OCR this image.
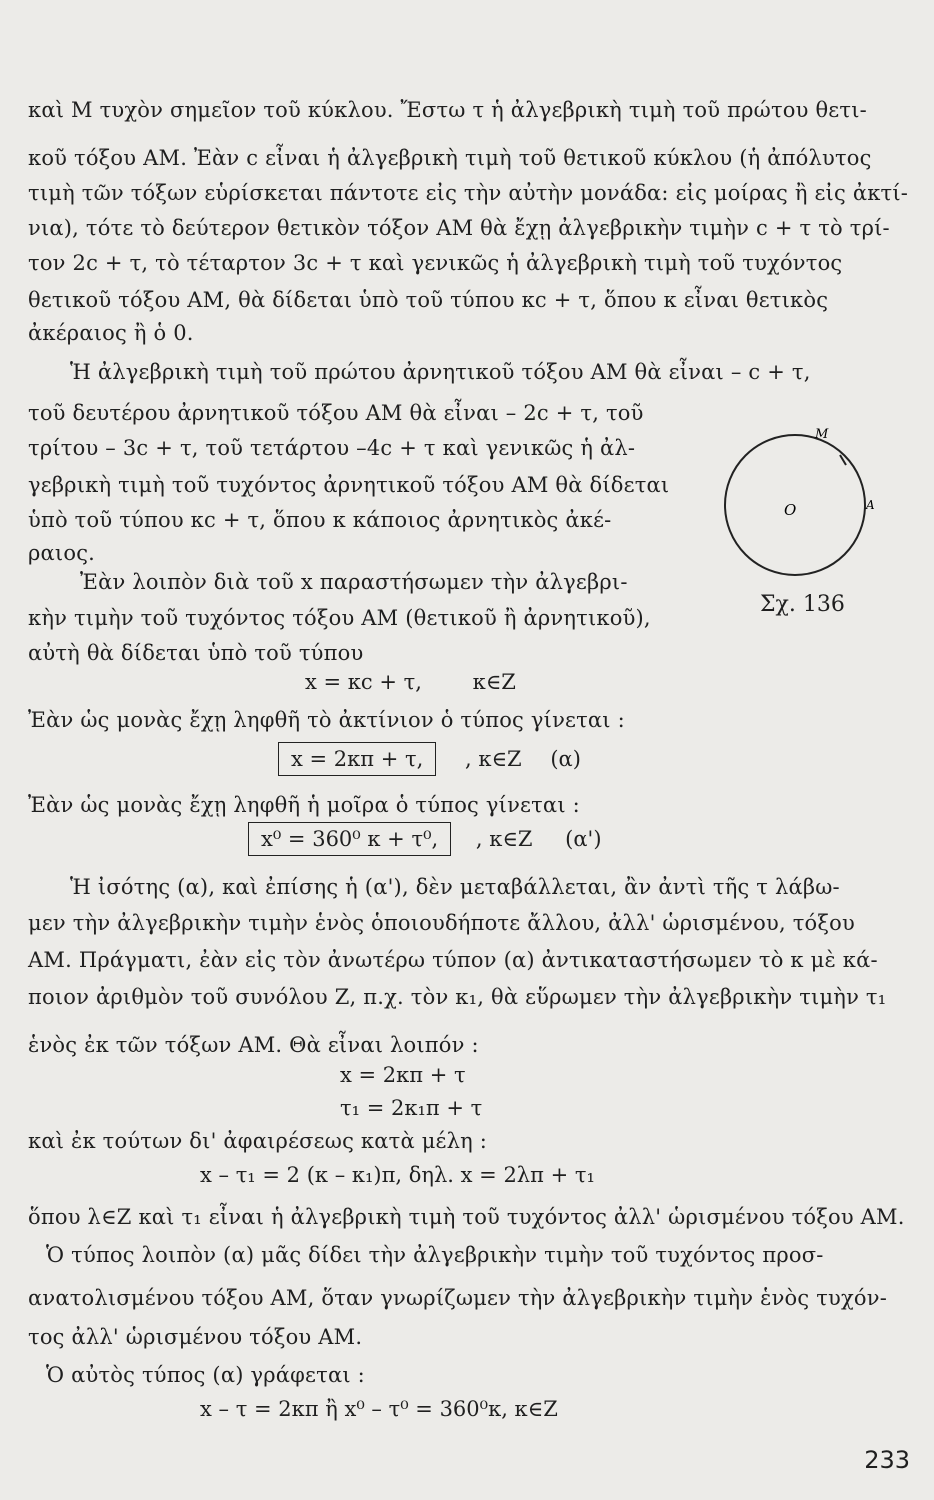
καὶ Μ τυχὸν σημεῖον τοῦ κύκλου. Ἔστω τ ἡ ἀλγεβρικὴ τιμὴ τοῦ πρώτου θετι-
κοῦ τόξου ΑΜ. Ἐὰν c εἶναι ἡ ἀλγεβρικὴ τιμὴ τοῦ θετικοῦ κύκλου (ἡ ἀπόλυτος
τιμὴ τῶν τόξων εὑρίσκεται πάντοτε εἰς τὴν αὐτὴν μονάδα: εἰς μοίρας ἢ εἰς ἀκτί-
νια), τότε τὸ δεύτερον θετικὸν τόξον ΑΜ θὰ ἔχῃ ἀλγεβρικὴν τιμὴν c + τ τὸ τρί-
τον 2c + τ, τὸ τέταρτον 3c + τ καὶ γενικῶς ἡ ἀλγεβρικὴ τιμὴ τοῦ τυχόντος
θετικοῦ τόξου ΑΜ, θὰ δίδεται ὑπὸ τοῦ τύπου κc + τ, ὅπου κ εἶναι θετικὸς
ἀκέραιος ἢ ὁ 0.
Ἡ ἀλγεβρικὴ τιμὴ τοῦ πρώτου ἀρνητικοῦ τόξου ΑΜ θὰ εἶναι – c + τ,
τοῦ δευτέρου ἀρνητικοῦ τόξου ΑΜ θὰ εἶναι – 2c + τ, τοῦ
τρίτου – 3c + τ, τοῦ τετάρτου –4c + τ καὶ γενικῶς ἡ ἀλ-
γεβρικὴ τιμὴ τοῦ τυχόντος ἀρνητικοῦ τόξου ΑΜ θὰ δίδεται
ὑπὸ τοῦ τύπου κc + τ, ὅπου κ κάποιος ἀρνητικὸς ἀκέ-
ραιος.
Ἐὰν λοιπὸν διὰ τοῦ x παραστήσωμεν τὴν ἀλγεβρι-
κὴν τιμὴν τοῦ τυχόντος τόξου ΑΜ (θετικοῦ ἢ ἀρνητικοῦ),
αὐτὴ θὰ δίδεται ὑπὸ τοῦ τύπου
x = κc + τ, κ∈Z
Ἐὰν ὡς μονὰς ἔχῃ ληφθῆ τὸ ἀκτίνιον ὁ τύπος γίνεται :
x = 2κπ + τ, , κ∈Z (α)
Ἐὰν ὡς μονὰς ἔχῃ ληφθῆ ἡ μοῖρα ὁ τύπος γίνεται :
x⁰ = 360⁰ κ + τ⁰, , κ∈Z (α')
Ἡ ἰσότης (α), καὶ ἐπίσης ἡ (α'), δὲν μεταβάλλεται, ἂν ἀντὶ τῆς τ λάβω-
μεν τὴν ἀλγεβρικὴν τιμὴν ἑνὸς ὁποιουδήποτε ἄλλου, ἀλλ' ὡρισμένου, τόξου
ΑΜ. Πράγματι, ἐὰν εἰς τὸν ἀνωτέρω τύπον (α) ἀντικαταστήσωμεν τὸ κ μὲ κά-
ποιον ἀριθμὸν τοῦ συνόλου Ζ, π.χ. τὸν κ₁, θὰ εὕρωμεν τὴν ἀλγεβρικὴν τιμὴν τ₁
ἑνὸς ἐκ τῶν τόξων ΑΜ. Θὰ εἶναι λοιπόν :
x = 2κπ + τ
τ₁ = 2κ₁π + τ
καὶ ἐκ τούτων δι' ἀφαιρέσεως κατὰ μέλη :
x – τ₁ = 2 (κ – κ₁)π, δηλ. x = 2λπ + τ₁
ὅπου λ∈Ζ καὶ τ₁ εἶναι ἡ ἀλγεβρικὴ τιμὴ τοῦ τυχόντος ἀλλ' ὡρισμένου τόξου ΑΜ.
Ὁ τύπος λοιπὸν (α) μᾶς δίδει τὴν ἀλγεβρικὴν τιμὴν τοῦ τυχόντος προσ-
ανατολισμένου τόξου ΑΜ, ὅταν γνωρίζωμεν τὴν ἀλγεβρικὴν τιμὴν ἑνὸς τυχόν-
τος ἀλλ' ὡρισμένου τόξου ΑΜ.
Ὁ αὐτὸς τύπος (α) γράφεται :
x – τ = 2κπ ἢ x⁰ – τ⁰ = 360⁰κ, κ∈Z
M
A
O
Σχ. 136
233
